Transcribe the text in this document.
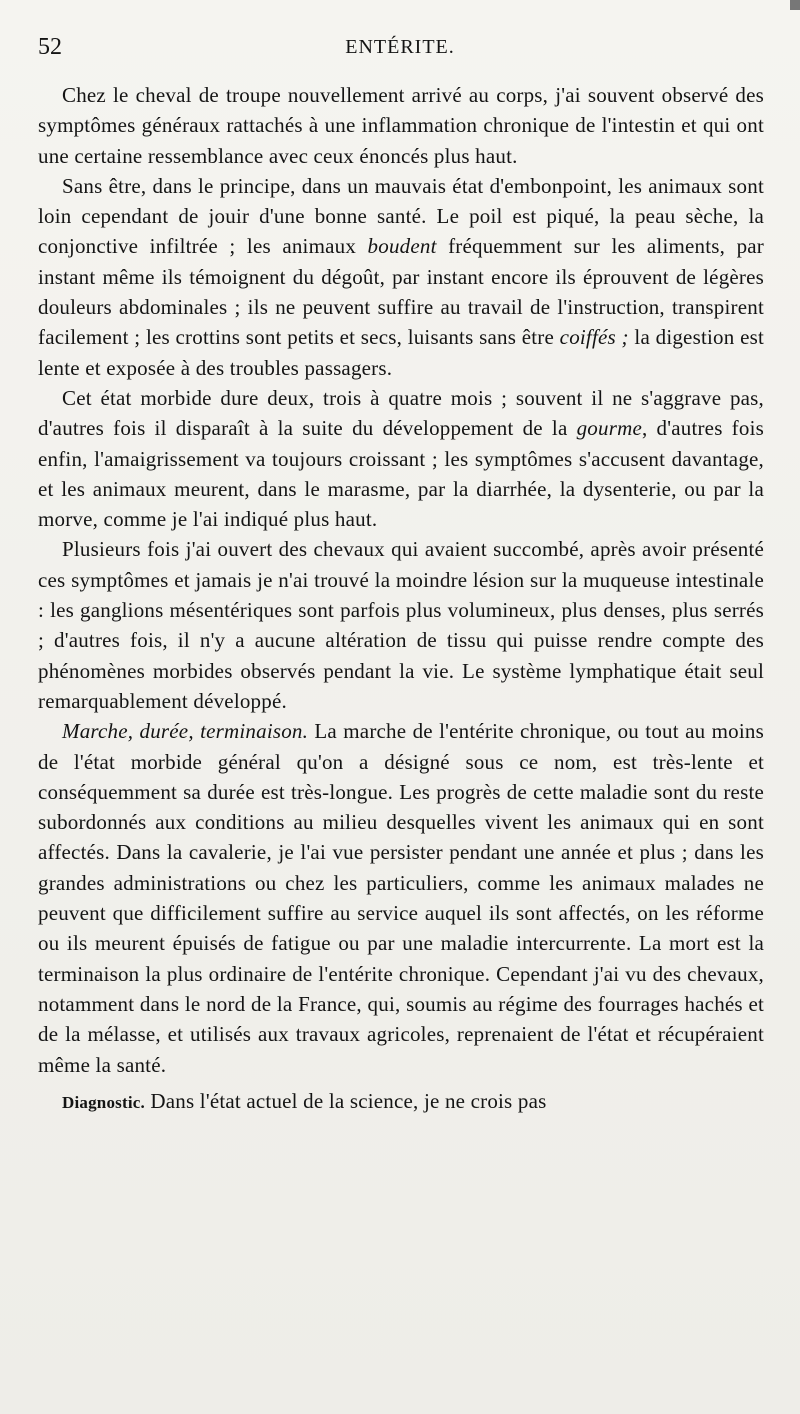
52	ENTÉRITE.

Chez le cheval de troupe nouvellement arrivé au corps, j'ai souvent observé des symptômes généraux rattachés à une inflammation chronique de l'intestin et qui ont une certaine ressemblance avec ceux énoncés plus haut.

Sans être, dans le principe, dans un mauvais état d'embonpoint, les animaux sont loin cependant de jouir d'une bonne santé. Le poil est piqué, la peau sèche, la conjonctive infiltrée ; les animaux boudent fréquemment sur les aliments, par instant même ils témoignent du dégoût, par instant encore ils éprouvent de légères douleurs abdominales ; ils ne peuvent suffire au travail de l'instruction, transpirent facilement ; les crottins sont petits et secs, luisants sans être coiffés ; la digestion est lente et exposée à des troubles passagers.

Cet état morbide dure deux, trois à quatre mois ; souvent il ne s'aggrave pas, d'autres fois il disparaît à la suite du développement de la gourme, d'autres fois enfin, l'amaigrissement va toujours croissant ; les symptômes s'accusent davantage, et les animaux meurent, dans le marasme, par la diarrhée, la dysenterie, ou par la morve, comme je l'ai indiqué plus haut.

Plusieurs fois j'ai ouvert des chevaux qui avaient succombé, après avoir présenté ces symptômes et jamais je n'ai trouvé la moindre lésion sur la muqueuse intestinale : les ganglions mésentériques sont parfois plus volumineux, plus denses, plus serrés ; d'autres fois, il n'y a aucune altération de tissu qui puisse rendre compte des phénomènes morbides observés pendant la vie. Le système lymphatique était seul remarquablement développé.

Marche, durée, terminaison. La marche de l'entérite chronique, ou tout au moins de l'état morbide général qu'on a désigné sous ce nom, est très-lente et conséquemment sa durée est très-longue. Les progrès de cette maladie sont du reste subordonnés aux conditions au milieu desquelles vivent les animaux qui en sont affectés. Dans la cavalerie, je l'ai vue persister pendant une année et plus ; dans les grandes administrations ou chez les particuliers, comme les animaux malades ne peuvent que difficilement suffire au service auquel ils sont affectés, on les réforme ou ils meurent épuisés de fatigue ou par une maladie intercurrente. La mort est la terminaison la plus ordinaire de l'entérite chronique. Cependant j'ai vu des chevaux, notamment dans le nord de la France, qui, soumis au régime des fourrages hachés et de la mélasse, et utilisés aux travaux agricoles, reprenaient de l'état et récupéraient même la santé.

Diagnostic. Dans l'état actuel de la science, je ne crois pas
